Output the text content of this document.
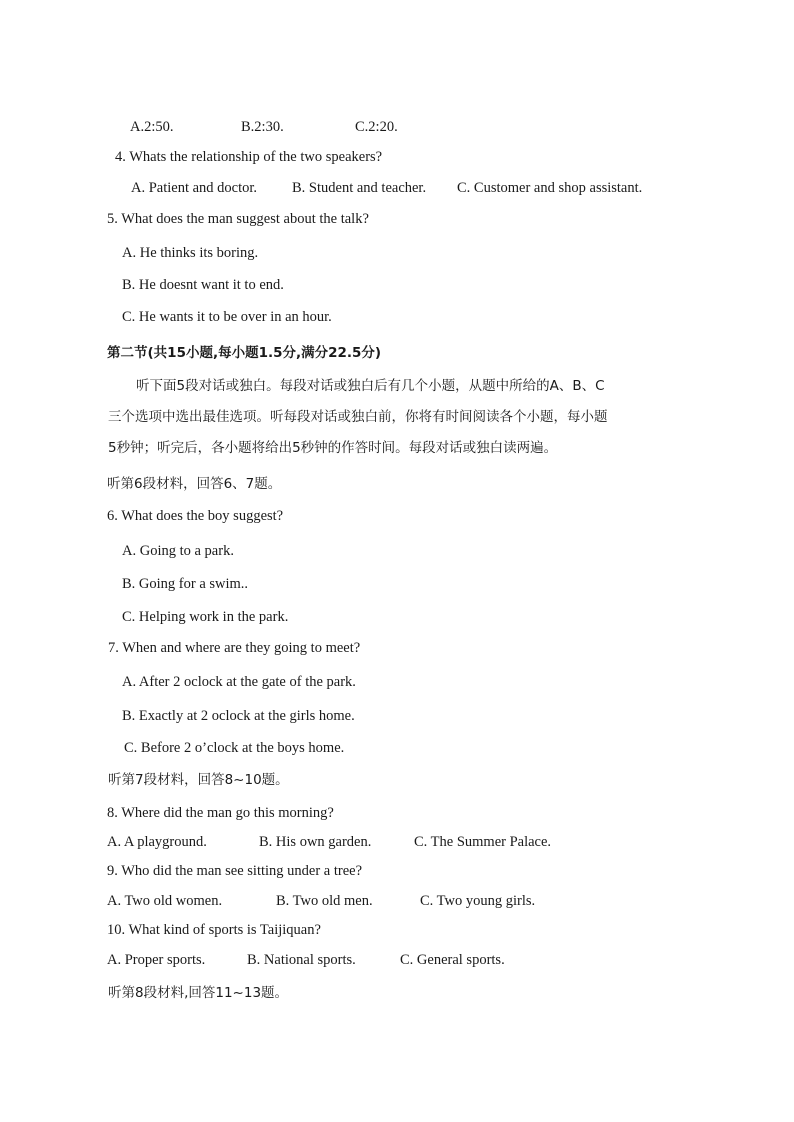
A.2:50.	B.2:30.	C.2:20.
4. Whats the relationship of the two speakers?
A. Patient and doctor. B. Student and teacher. C. Customer and shop assistant.
5. What does the man suggest about the talk?
A. He thinks its boring.
B. He doesnt want it to end.
C. He wants it to be over in an hour.
第二节(共15小题,每小题1.5分,满分22.5分)
听下面5段对话或独白。每段对话或独白后有几个小题，从题中所给的A、B、C
三个选项中选出最佳选项。听每段对话或独白前，你将有时间阅读各个小题，每小题
5秒钟；听完后，各小题将给出5秒钟的作答时间。每段对话或独白读两遍。
听第6段材料，回答6、7题。
6. What does the boy suggest?
A. Going to a park.
B. Going for a swim..
C. Helping work in the park.
7. When and where are they going to meet?
A. After 2 oclock at the gate of the park.
B. Exactly at 2 oclock at the girls home.
C. Before 2 o’clock at the boys home.
听第7段材料，回答8~10题。
8. Where did the man go this morning?
A. A playground.	B. His own garden.	C. The Summer Palace.
9. Who did the man see sitting under a tree?
A. Two old women.	B. Two old men.	C. Two young girls.
10. What kind of sports is Taijiquan?
A. Proper sports.	B. National sports.	C. General sports.
听第8段材料,回答11~13题。
